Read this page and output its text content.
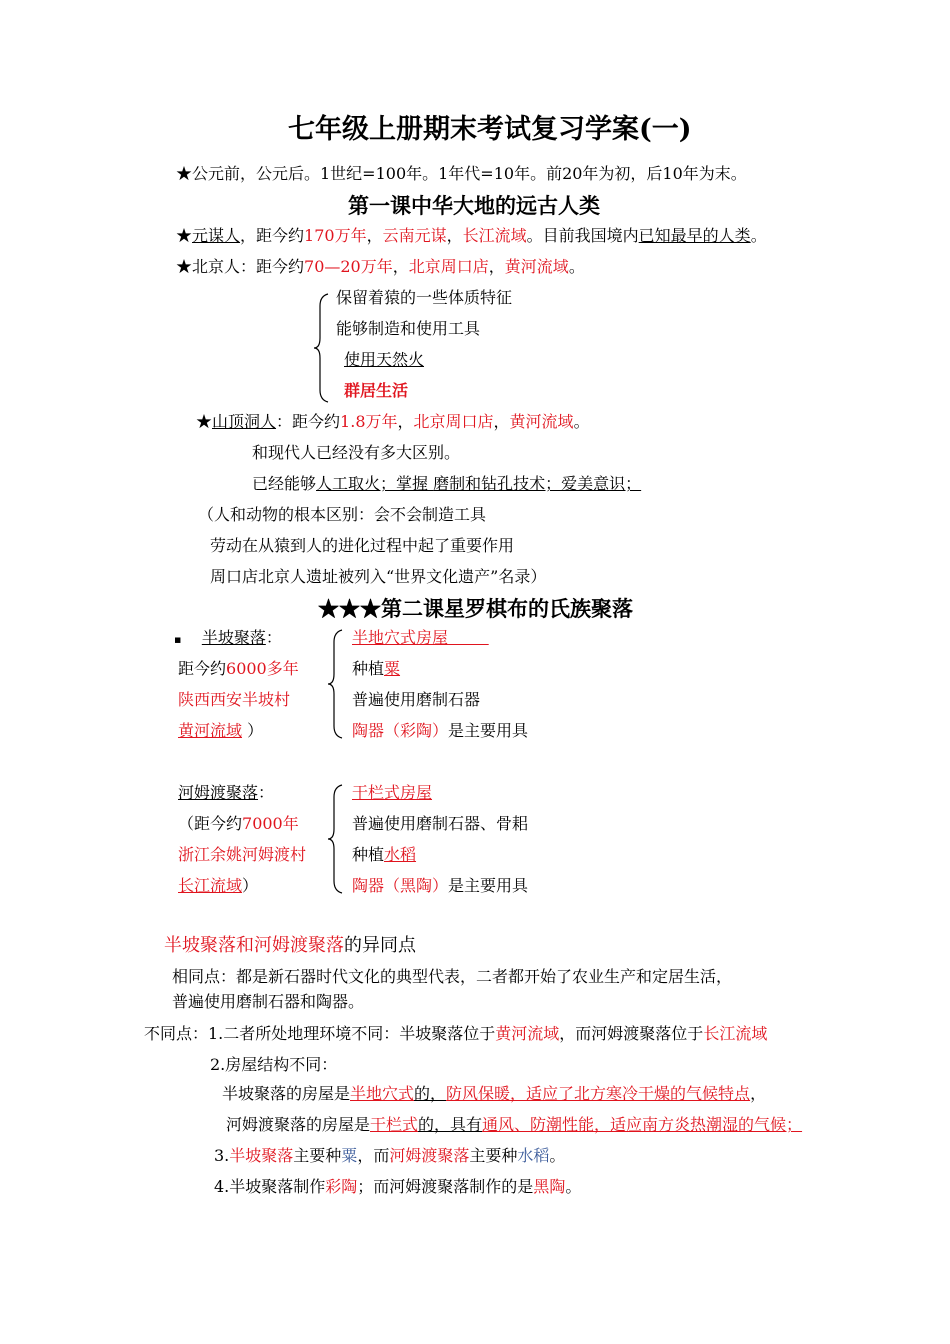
七年级上册期末考试复习学案(一)
★公元前，公元后。1世纪=100年。1年代=10年。前20年为初，后10年为末。
第一课中华大地的远古人类
★元谋人，距今约170万年，云南元谋，长江流域。目前我国境内已知最早的人类。
★北京人：距今约70—20万年，北京周口店，黄河流域。
保留着猿的一些体质特征
能够制造和使用工具
使用天然火
群居生活
★山顶洞人：距今约1.8万年，北京周口店，黄河流域。
和现代人已经没有多大区别。
已经能够人工取火；掌握 磨制和钻孔技术；爱美意识；
（人和动物的根本区别：会不会制造工具
劳动在从猿到人的进化过程中起了重要作用
周口店北京人遗址被列入“世界文化遗产”名录）
★★★第二课星罗棋布的氏族聚落
▪ 半坡聚落：
距今约6000多年
陕西西安半坡村
黄河流域 ）
半地穴式房屋
种植粟
普遍使用磨制石器
陶器（彩陶）是主要用具
河姆渡聚落：
（距今约7000年
浙江余姚河姆渡村
长江流域）
干栏式房屋
普遍使用磨制石器、骨耜
种植水稻
陶器（黑陶）是主要用具
半坡聚落和河姆渡聚落的异同点
相同点：都是新石器时代文化的典型代表，二者都开始了农业生产和定居生活，
普遍使用磨制石器和陶器。
不同点：1.二者所处地理环境不同：半坡聚落位于黄河流域，而河姆渡聚落位于长江流域
2.房屋结构不同：
半坡聚落的房屋是半地穴式的，防风保暖，适应了北方寒冷干燥的气候特点，
河姆渡聚落的房屋是干栏式的，具有通风、防潮性能，适应南方炎热潮湿的气候；
3.半坡聚落主要种粟，而河姆渡聚落主要种水稻。
4.半坡聚落制作彩陶；而河姆渡聚落制作的是黑陶。
